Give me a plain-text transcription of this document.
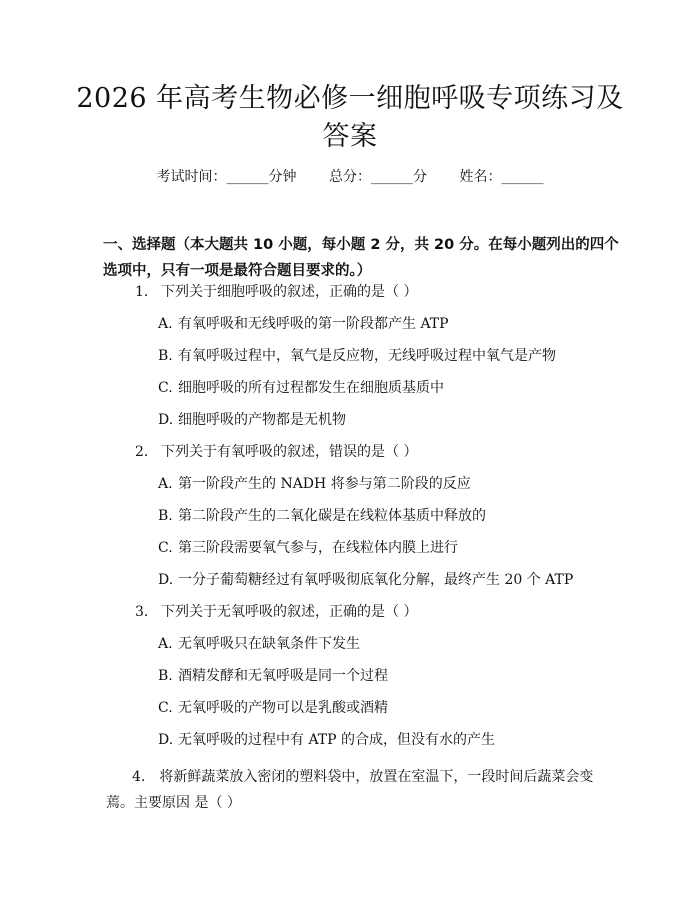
2026 年高考生物必修一细胞呼吸专项练习及
答案
考试时间：______分钟 总分：______分 姓名：______
一、选择题（本大题共 10 小题，每小题 2 分，共 20 分。在每小题列出的四个选项中，只有一项是最符合题目要求的。）
1. 下列关于细胞呼吸的叙述，正确的是（ ）
A. 有氧呼吸和无线呼吸的第一阶段都产生 ATP
B. 有氧呼吸过程中，氧气是反应物，无线呼吸过程中氧气是产物
C. 细胞呼吸的所有过程都发生在细胞质基质中
D. 细胞呼吸的产物都是无机物
2. 下列关于有氧呼吸的叙述，错误的是（ ）
A. 第一阶段产生的 NADH 将参与第二阶段的反应
B. 第二阶段产生的二氧化碳是在线粒体基质中释放的
C. 第三阶段需要氧气参与，在线粒体内膜上进行
D. 一分子葡萄糖经过有氧呼吸彻底氧化分解，最终产生 20 个 ATP
3. 下列关于无氧呼吸的叙述，正确的是（ ）
A. 无氧呼吸只在缺氧条件下发生
B. 酒精发酵和无氧呼吸是同一个过程
C. 无氧呼吸的产物可以是乳酸或酒精
D. 无氧呼吸的过程中有 ATP 的合成，但没有水的产生
4.　将新鲜蔬菜放入密闭的塑料袋中，放置在室温下，一段时间后蔬菜会变蔫。主要原因 是（ ）
